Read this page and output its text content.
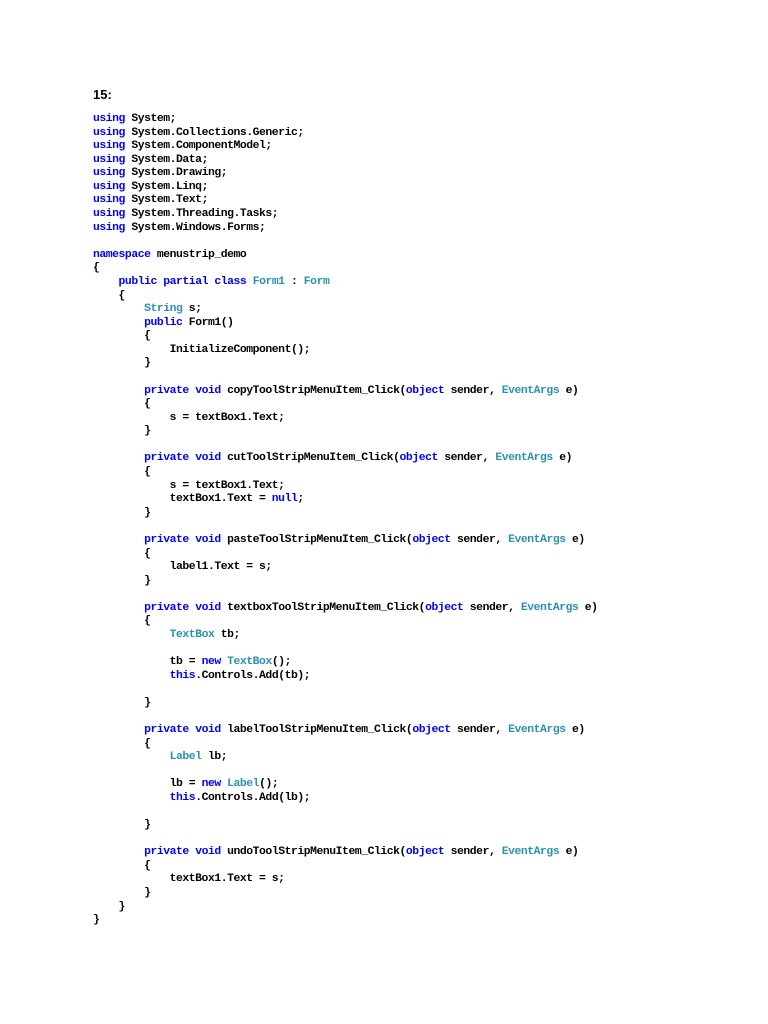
15:
using System;
using System.Collections.Generic;
using System.ComponentModel;
using System.Data;
using System.Drawing;
using System.Linq;
using System.Text;
using System.Threading.Tasks;
using System.Windows.Forms;

namespace menustrip_demo
{
public partial class Form1 : Form
{
String s;
public Form1()
{
InitializeComponent();
}

private void copyToolStripMenuItem_Click(object sender, EventArgs e)
{
s = textBox1.Text;
}

private void cutToolStripMenuItem_Click(object sender, EventArgs e)
{
s = textBox1.Text;
textBox1.Text = null;
}

private void pasteToolStripMenuItem_Click(object sender, EventArgs e)
{
label1.Text = s;
}

private void textboxToolStripMenuItem_Click(object sender, EventArgs e)
{
TextBox tb;

tb = new TextBox();
this.Controls.Add(tb);

}

private void labelToolStripMenuItem_Click(object sender, EventArgs e)
{
Label lb;

lb = new Label();
this.Controls.Add(lb);

}

private void undoToolStripMenuItem_Click(object sender, EventArgs e)
{
textBox1.Text = s;
}
}
}
